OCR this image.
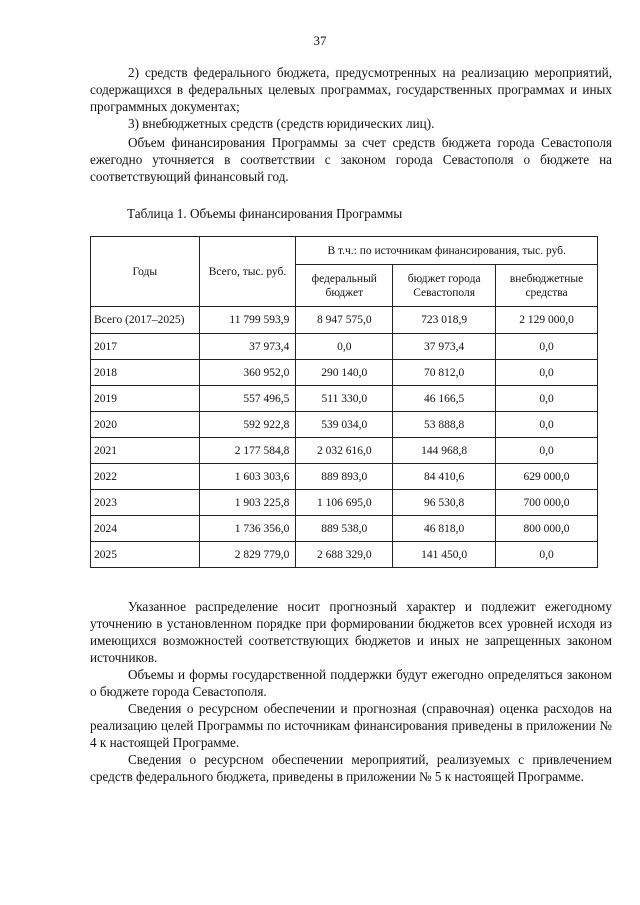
37

2) средств федерального бюджета, предусмотренных на реализацию мероприятий, содержащихся в федеральных целевых программах, государственных программах и иных программных документах;

3) внебюджетных средств (средств юридических лиц).

Объем финансирования Программы за счет средств бюджета города Севастополя ежегодно уточняется в соответствии с законом города Севастополя о бюджете на соответствующий финансовый год.

Таблица 1. Объемы финансирования Программы
Годы	Всего, тыс. руб.	В т.ч.: по источникам финансирования, тыс. руб.		
		федеральный бюджет	бюджет города Севастополя	внебюджетные средства
Всего (2017–2025)	11 799 593,9	8 947 575,0	723 018,9	2 129 000,0
2017	37 973,4	0,0	37 973,4	0,0
2018	360 952,0	290 140,0	70 812,0	0,0
2019	557 496,5	511 330,0	46 166,5	0,0
2020	592 922,8	539 034,0	53 888,8	0,0
2021	2 177 584,8	2 032 616,0	144 968,8	0,0
2022	1 603 303,6	889 893,0	84 410,6	629 000,0
2023	1 903 225,8	1 106 695,0	96 530,8	700 000,0
2024	1 736 356,0	889 538,0	46 818,0	800 000,0
2025	2 829 779,0	2 688 329,0	141 450,0	0,0

Указанное распределение носит прогнозный характер и подлежит ежегодному уточнению в установленном порядке при формировании бюджетов всех уровней исходя из имеющихся возможностей соответствующих бюджетов и иных не запрещенных законом источников.

Объемы и формы государственной поддержки будут ежегодно определяться законом о бюджете города Севастополя.

Сведения о ресурсном обеспечении и прогнозная (справочная) оценка расходов на реализацию целей Программы по источникам финансирования приведены в приложении № 4 к настоящей Программе.

Сведения о ресурсном обеспечении мероприятий, реализуемых с привлечением средств федерального бюджета, приведены в приложении № 5 к настоящей Программе.
